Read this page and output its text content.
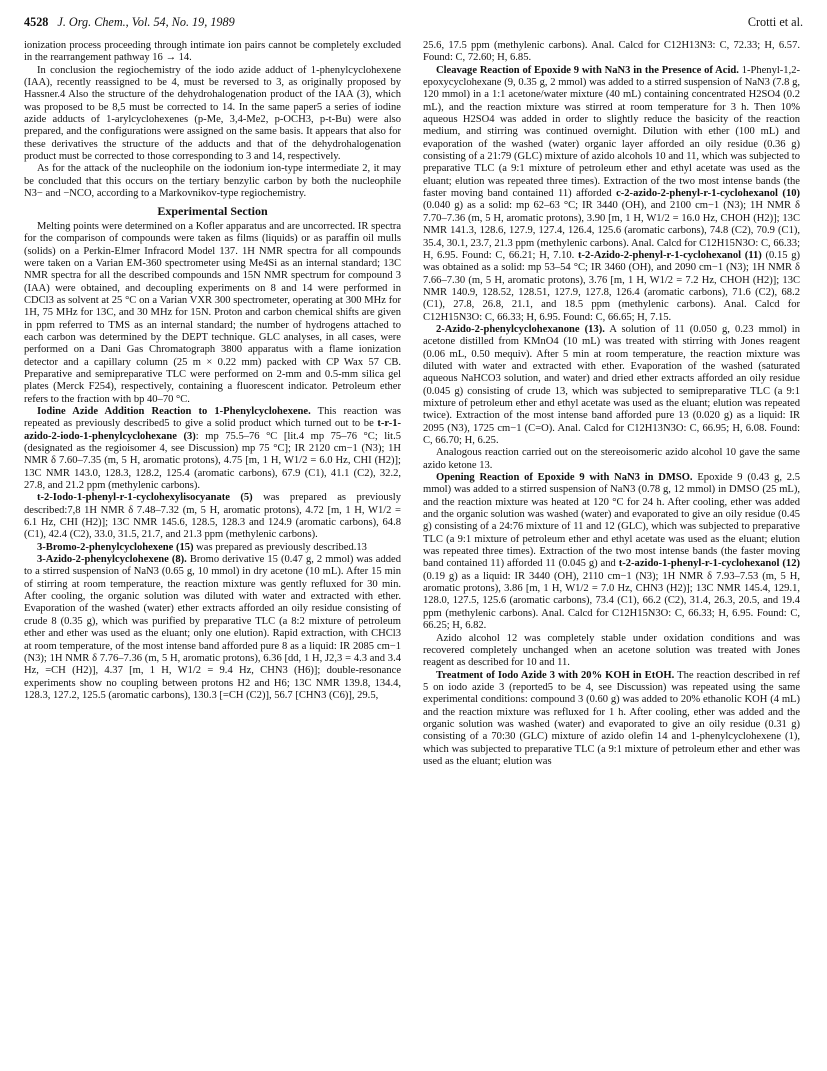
4528 J. Org. Chem., Vol. 54, No. 19, 1989	Crotti et al.

ionization process proceeding through intimate ion pairs cannot be completely excluded in the rearrangement pathway 16 → 14.

In conclusion the regiochemistry of the iodo azide adduct of 1-phenylcyclohexene (IAA), recently reassigned to be 4, must be reversed to 3, as originally proposed by Hassner.4 Also the structure of the dehydrohalogenation product of the IAA (3), which was proposed to be 8,5 must be corrected to 14. In the same paper5 a series of iodine azide adducts of 1-arylcyclohexenes (p-Me, 3,4-Me2, p-OCH3, p-t-Bu) were also prepared, and the configurations were assigned on the same basis. It appears that also for these derivatives the structure of the adducts and that of the dehydrohalogenation product must be corrected to those corresponding to 3 and 14, respectively.

As for the attack of the nucleophile on the iodonium ion-type intermediate 2, it may be concluded that this occurs on the tertiary benzylic carbon by both the nucleophile N3− and −NCO, according to a Markovnikov-type regiochemistry.

Experimental Section

Melting points were determined on a Kofler apparatus and are uncorrected. IR spectra for the comparison of compounds were taken as films (liquids) or as paraffin oil mulls (solids) on a Perkin-Elmer Infracord Model 137. 1H NMR spectra for all compounds were taken on a Varian EM-360 spectrometer using Me4Si as an internal standard; 13C NMR spectra for all the described compounds and 15N NMR spectrum for compound 3 (IAA) were obtained, and decoupling experiments on 8 and 14 were performed in CDCl3 as solvent at 25 °C on a Varian VXR 300 spectrometer, operating at 300 MHz for 1H, 75 MHz for 13C, and 30 MHz for 15N. Proton and carbon chemical shifts are given in ppm referred to TMS as an internal standard; the number of hydrogens attached to each carbon was determined by the DEPT technique. GLC analyses, in all cases, were performed on a Dani Gas Chromatograph 3800 apparatus with a flame ionization detector and a capillary column (25 m × 0.22 mm) packed with CP Wax 57 CB. Preparative and semipreparative TLC were performed on 2-mm and 0.5-mm silica gel plates (Merck F254), respectively, containing a fluorescent indicator. Petroleum ether refers to the fraction with bp 40–70 °C.

Iodine Azide Addition Reaction to 1-Phenylcyclohexene. This reaction was repeated as previously described5 to give a solid product which turned out to be t-r-1-azido-2-iodo-1-phenylcyclohexane (3): mp 75.5–76 °C [lit.4 mp 75–76 °C; lit.5 (designated as the regioisomer 4, see Discussion) mp 75 °C]; IR 2120 cm−1 (N3); 1H NMR δ 7.60–7.35 (m, 5 H, aromatic protons), 4.75 [m, 1 H, W1/2 = 6.0 Hz, CHI (H2)]; 13C NMR 143.0, 128.3, 128.2, 125.4 (aromatic carbons), 67.9 (C1), 41.1 (C2), 32.2, 27.8, and 21.2 ppm (methylenic carbons).

t-2-Iodo-1-phenyl-r-1-cyclohexylisocyanate (5) was prepared as previously described:7,8 1H NMR δ 7.48–7.32 (m, 5 H, aromatic protons), 4.72 [m, 1 H, W1/2 = 6.1 Hz, CHI (H2)]; 13C NMR 145.6, 128.5, 128.3 and 124.9 (aromatic carbons), 64.8 (C1), 42.4 (C2), 33.0, 31.5, 21.7, and 21.3 ppm (methylenic carbons).

3-Bromo-2-phenylcyclohexene (15) was prepared as previously described.13

3-Azido-2-phenylcyclohexene (8). Bromo derivative 15 (0.47 g, 2 mmol) was added to a stirred suspension of NaN3 (0.65 g, 10 mmol) in dry acetone (10 mL). After 15 min of stirring at room temperature, the reaction mixture was gently refluxed for 30 min. After cooling, the organic solution was diluted with water and extracted with ether. Evaporation of the washed (water) ether extracts afforded an oily residue consisting of crude 8 (0.35 g), which was purified by preparative TLC (a 8:2 mixture of petroleum ether and ether was used as the eluant; only one elution). Rapid extraction, with CHCl3 at room temperature, of the most intense band afforded pure 8 as a liquid: IR 2085 cm−1 (N3); 1H NMR δ 7.76–7.36 (m, 5 H, aromatic protons), 6.36 [dd, 1 H, J2,3 = 4.3 and 3.4 Hz, =CH (H2)], 4.37 [m, 1 H, W1/2 = 9.4 Hz, CHN3 (H6)]; double-resonance experiments show no coupling between protons H2 and H6; 13C NMR 139.8, 134.4, 128.3, 127.2, 125.5 (aromatic carbons), 130.3 [=CH (C2)], 56.7 [CHN3 (C6)], 29.5,

25.6, 17.5 ppm (methylenic carbons). Anal. Calcd for C12H13N3: C, 72.33; H, 6.57. Found: C, 72.60; H, 6.85.

Cleavage Reaction of Epoxide 9 with NaN3 in the Presence of Acid. 1-Phenyl-1,2-epoxycyclohexane (9, 0.35 g, 2 mmol) was added to a stirred suspension of NaN3 (7.8 g, 120 mmol) in a 1:1 acetone/water mixture (40 mL) containing concentrated H2SO4 (0.2 mL), and the reaction mixture was stirred at room temperature for 3 h. Then 10% aqueous H2SO4 was added in order to slightly reduce the basicity of the reaction medium, and stirring was continued overnight. Dilution with ether (100 mL) and evaporation of the washed (water) organic layer afforded an oily residue (0.36 g) consisting of a 21:79 (GLC) mixture of azido alcohols 10 and 11, which was subjected to preparative TLC (a 9:1 mixture of petroleum ether and ethyl acetate was used as the eluant; elution was repeated three times). Extraction of the two most intense bands (the faster moving band contained 11) afforded c-2-azido-2-phenyl-r-1-cyclohexanol (10) (0.040 g) as a solid: mp 62–63 °C; IR 3440 (OH), and 2100 cm−1 (N3); 1H NMR δ 7.70–7.36 (m, 5 H, aromatic protons), 3.90 [m, 1 H, W1/2 = 16.0 Hz, CHOH (H2)]; 13C NMR 141.3, 128.6, 127.9, 127.4, 126.4, 125.6 (aromatic carbons), 74.8 (C2), 70.9 (C1), 35.4, 30.1, 23.7, 21.3 ppm (methylenic carbons). Anal. Calcd for C12H15N3O: C, 66.33; H, 6.95. Found: C, 66.21; H, 7.10. t-2-Azido-2-phenyl-r-1-cyclohexanol (11) (0.15 g) was obtained as a solid: mp 53–54 °C; IR 3460 (OH), and 2090 cm−1 (N3); 1H NMR δ 7.66–7.30 (m, 5 H, aromatic protons), 3.76 [m, 1 H, W1/2 = 7.2 Hz, CHOH (H2)]; 13C NMR 140.9, 128.52, 128.51, 127.9, 127.8, 126.4 (aromatic carbons), 71.6 (C2), 68.2 (C1), 27.8, 26.8, 21.1, and 18.5 ppm (methylenic carbons). Anal. Calcd for C12H15N3O: C, 66.33; H, 6.95. Found: C, 66.65; H, 7.15.

2-Azido-2-phenylcyclohexanone (13). A solution of 11 (0.050 g, 0.23 mmol) in acetone distilled from KMnO4 (10 mL) was treated with stirring with Jones reagent (0.06 mL, 0.50 mequiv). After 5 min at room temperature, the reaction mixture was diluted with water and extracted with ether. Evaporation of the washed (saturated aqueous NaHCO3 solution, and water) and dried ether extracts afforded an oily residue (0.045 g) consisting of crude 13, which was subjected to semipreparative TLC (a 9:1 mixture of petroleum ether and ethyl acetate was used as the eluant; elution was repeated twice). Extraction of the most intense band afforded pure 13 (0.020 g) as a liquid: IR 2095 (N3), 1725 cm−1 (C=O). Anal. Calcd for C12H13N3O: C, 66.95; H, 6.08. Found: C, 66.70; H, 6.25.

Analogous reaction carried out on the stereoisomeric azido alcohol 10 gave the same azido ketone 13.

Opening Reaction of Epoxide 9 with NaN3 in DMSO. Epoxide 9 (0.43 g, 2.5 mmol) was added to a stirred suspension of NaN3 (0.78 g, 12 mmol) in DMSO (25 mL), and the reaction mixture was heated at 120 °C for 24 h. After cooling, ether was added and the organic solution was washed (water) and evaporated to give an oily residue (0.45 g) consisting of a 24:76 mixture of 11 and 12 (GLC), which was subjected to preparative TLC (a 9:1 mixture of petroleum ether and ethyl acetate was used as the eluant; elution was repeated three times). Extraction of the two most intense bands (the faster moving band contained 11) afforded 11 (0.045 g) and t-2-azido-1-phenyl-r-1-cyclohexanol (12) (0.19 g) as a liquid: IR 3440 (OH), 2110 cm−1 (N3); 1H NMR δ 7.93–7.53 (m, 5 H, aromatic protons), 3.86 [m, 1 H, W1/2 = 7.0 Hz, CHN3 (H2)]; 13C NMR 145.4, 129.1, 128.0, 127.5, 125.6 (aromatic carbons), 73.4 (C1), 66.2 (C2), 31.4, 26.3, 20.5, and 19.4 ppm (methylenic carbons). Anal. Calcd for C12H15N3O: C, 66.33; H, 6.95. Found: C, 66.25; H, 6.82.

Azido alcohol 12 was completely stable under oxidation conditions and was recovered completely unchanged when an acetone solution was treated with Jones reagent as described for 10 and 11.

Treatment of Iodo Azide 3 with 20% KOH in EtOH. The reaction described in ref 5 on iodo azide 3 (reported5 to be 4, see Discussion) was repeated using the same experimental conditions: compound 3 (0.60 g) was added to 20% ethanolic KOH (4 mL) and the reaction mixture was refluxed for 1 h. After cooling, ether was added and the organic solution was washed (water) and evaporated to give an oily residue (0.31 g) consisting of a 70:30 (GLC) mixture of azido olefin 14 and 1-phenylcyclohexene (1), which was subjected to preparative TLC (a 9:1 mixture of petroleum ether and ether was used as the eluant; elution was
